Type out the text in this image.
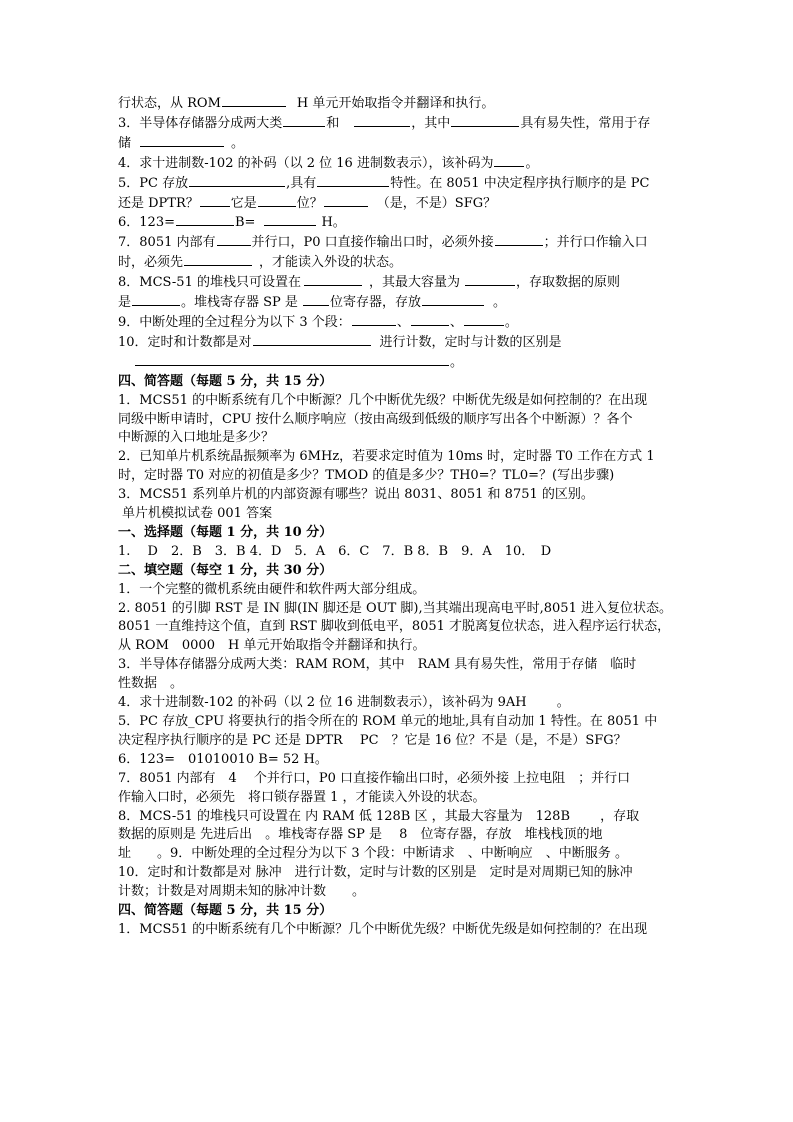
行状态，从 ROM	H 单元开始取指令并翻译和执行。
3．半导体存储器分成两大类	和	，其中	具有易失性，常用于存
储	。
4．求十进制数-102 的补码（以 2 位 16 进制数表示），该补码为 。
5．PC 存放	,具有	特性。在 8051 中决定程序执行顺序的是 PC
还是 DPTR？ 它是	位？	（是，不是）SFG？
6．123=	B=	H。
7．8051 内部有	并行口，P0 口直接作输出口时，必须外接	；并行口作输入口
时，必须先	，才能读入外设的状态。
8．MCS-51 的堆栈只可设置在	，其最大容量为	，存取数据的原则
是	。堆栈寄存器 SP 是 位寄存器，存放	。
9．中断处理的全过程分为以下 3 个段：	、	、	。
10．定时和计数都是对	进行计数，定时与计数的区别是
。
四、简答题（每题 5 分，共 15 分）
1．MCS51 的中断系统有几个中断源？几个中断优先级？中断优先级是如何控制的？在出现
同级中断申请时，CPU 按什么顺序响应（按由高级到低级的顺序写出各个中断源）？各个
中断源的入口地址是多少？
2．已知单片机系统晶振频率为 6MHz，若要求定时值为 10ms 时，定时器 T0 工作在方式 1
时，定时器 T0 对应的初值是多少？TMOD 的值是多少？TH0=？TL0=？(写出步骤)
3．MCS51 系列单片机的内部资源有哪些？说出 8031、8051 和 8751 的区别。
单片机模拟试卷 001 答案
一、选择题（每题 1 分，共 10 分）
1.　 D　2．B　3．B 4．D　5．A　6．C　7．B 8．B　9．A　10．　D
二、填空题（每空 1 分，共 30 分）
1．一个完整的微机系统由硬件和软件两大部分组成。
2. 8051 的引脚 RST 是 IN 脚(IN 脚还是 OUT 脚),当其端出现高电平时,8051 进入复位状态。
8051 一直维持这个值，直到 RST 脚收到低电平，8051 才脱离复位状态，进入程序运行状态，
从 ROM　0000　H 单元开始取指令并翻译和执行。
3．半导体存储器分成两大类：RAM ROM，其中　RAM 具有易失性，常用于存储　临时
性数据　。
4．求十进制数-102 的补码（以 2 位 16 进制数表示），该补码为 9AH　　 。
5．PC 存放_CPU 将要执行的指令所在的 ROM 单元的地址,具有自动加 1 特性。在 8051 中
决定程序执行顺序的是 PC 还是 DPTR　 PC　？它是 16 位？不是（是，不是）SFG？
6．123=　01010010 B= 52 H。
7．8051 内部有　4　 个并行口，P0 口直接作输出口时，必须外接 上拉电阻　；并行口
作输入口时，必须先　将口锁存器置 1 ，才能读入外设的状态。
8．MCS-51 的堆栈只可设置在 内 RAM 低 128B 区 ，其最大容量为　128B　　 ，存取
数据的原则是 先进后出　。堆栈寄存器 SP 是　 8　位寄存器，存放　堆栈栈顶的地
址　　。9．中断处理的全过程分为以下 3 个段：中断请求　、中断响应　、中断服务 。
10．定时和计数都是对 脉冲　进行计数，定时与计数的区别是　定时是对周期已知的脉冲
计数；计数是对周期未知的脉冲计数　　。
四、简答题（每题 5 分，共 15 分）
1．MCS51 的中断系统有几个中断源？几个中断优先级？中断优先级是如何控制的？在出现
